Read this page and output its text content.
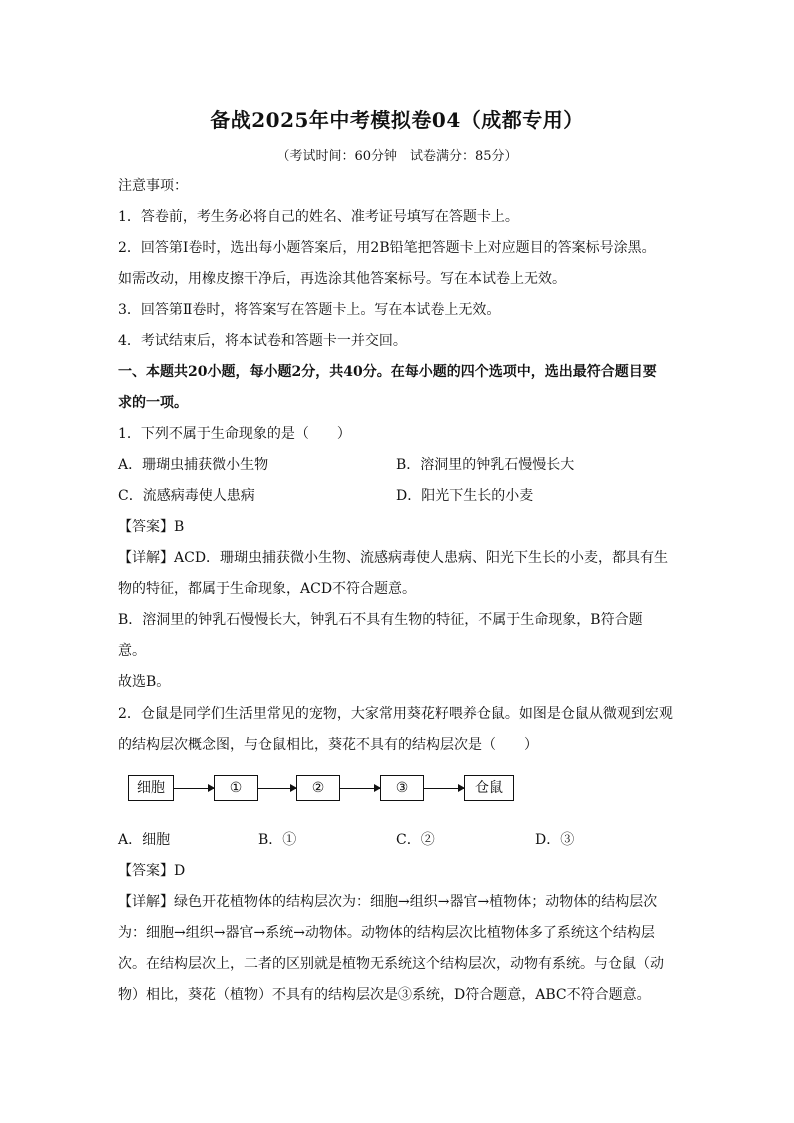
备战2025年中考模拟卷04（成都专用）
（考试时间：60分钟　试卷满分：85分）
注意事项：
1．答卷前，考生务必将自己的姓名、准考证号填写在答题卡上。
2．回答第Ⅰ卷时，选出每小题答案后，用2B铅笔把答题卡上对应题目的答案标号涂黑。
如需改动，用橡皮擦干净后，再选涂其他答案标号。写在本试卷上无效。
3．回答第Ⅱ卷时，将答案写在答题卡上。写在本试卷上无效。
4．考试结束后，将本试卷和答题卡一并交回。
一、本题共20小题，每小题2分，共40分。在每小题的四个选项中，选出最符合题目要
求的一项。
1．下列不属于生命现象的是（　　）
A．珊瑚虫捕获微小生物	B．溶洞里的钟乳石慢慢长大
C．流感病毒使人患病	D．阳光下生长的小麦
【答案】B
【详解】ACD．珊瑚虫捕获微小生物、流感病毒使人患病、阳光下生长的小麦，都具有生
物的特征，都属于生命现象，ACD不符合题意。
B．溶洞里的钟乳石慢慢长大，钟乳石不具有生物的特征，不属于生命现象，B符合题
意。
故选B。
2．仓鼠是同学们生活里常见的宠物，大家常用葵花籽喂养仓鼠。如图是仓鼠从微观到宏观
的结构层次概念图，与仓鼠相比，葵花不具有的结构层次是（　　）
细胞	①	②	③	仓鼠
A．细胞	B．①	C．②	D．③
【答案】D
【详解】绿色开花植物体的结构层次为：细胞→组织→器官→植物体；动物体的结构层次
为：细胞→组织→器官→系统→动物体。动物体的结构层次比植物体多了系统这个结构层
次。在结构层次上，二者的区别就是植物无系统这个结构层次，动物有系统。与仓鼠（动
物）相比，葵花（植物）不具有的结构层次是③系统，D符合题意，ABC不符合题意。
